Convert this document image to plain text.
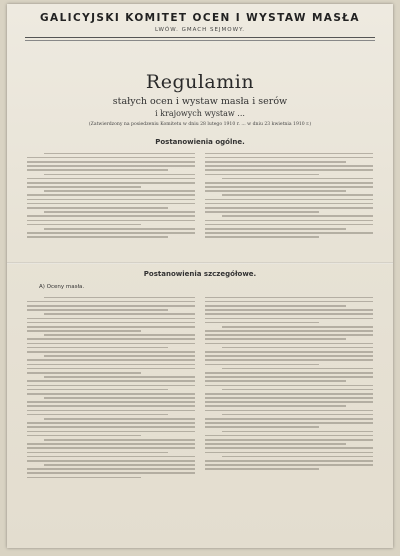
GALICYJSKI KOMITET OCEN I WYSTAW MASŁA
LWÓW. GMACH SEJMOWY.
Regulamin
stałych ocen i wystaw masła i serów
i krajowych wystaw ...
(Zatwierdzony na posiedzeniu Komitetu w dniu 28 lutego 1910 r. ... w dniu 23 kwietnia 1910 r.)
Postanowienia ogólne.
Postanowienia szczegółowe.
A) Oceny masła.
